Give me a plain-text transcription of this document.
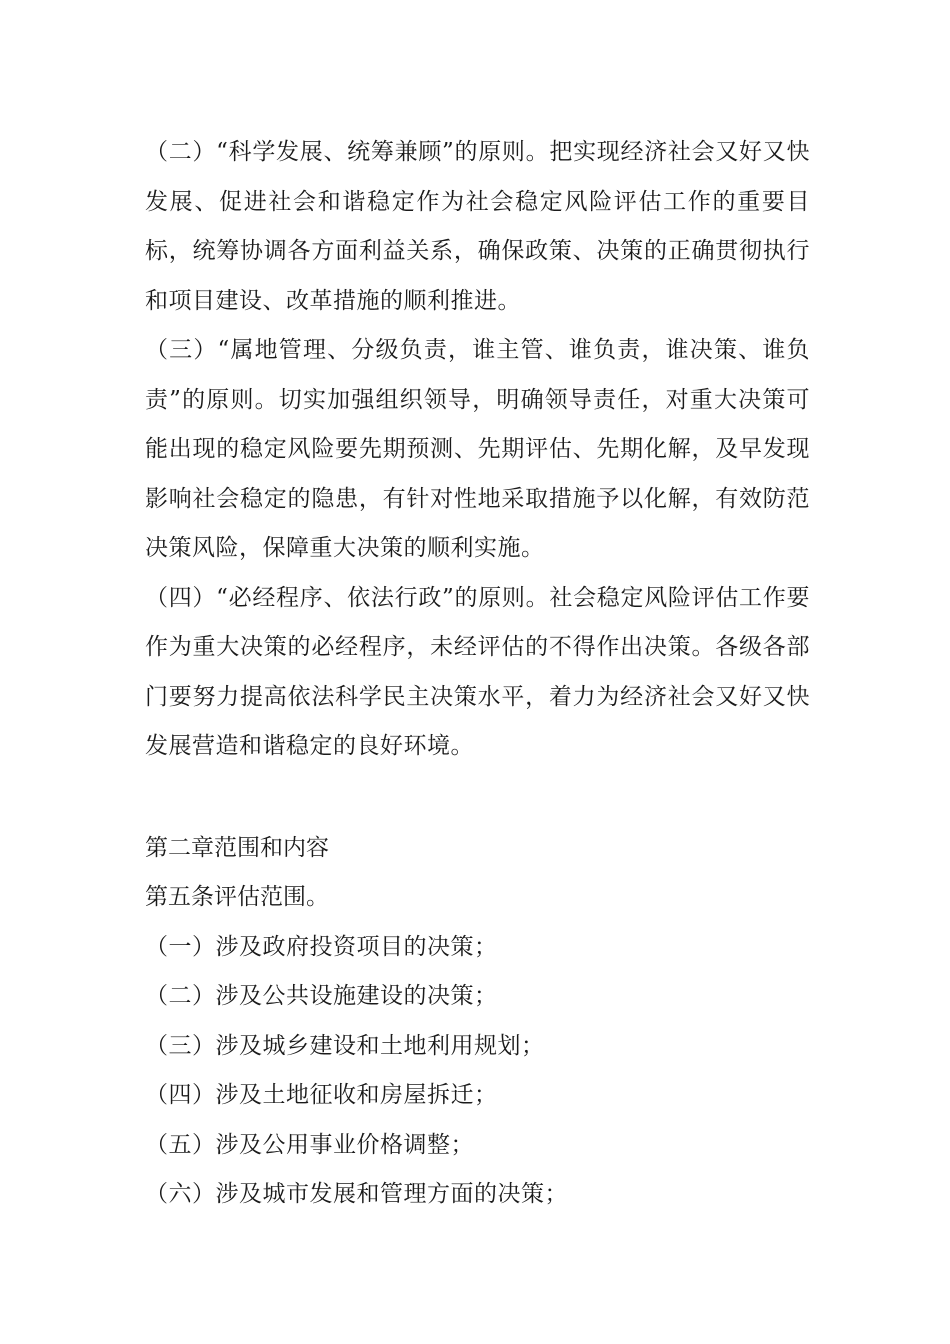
（二）“科学发展、统筹兼顾”的原则。把实现经济社会又好又快发展、促进社会和谐稳定作为社会稳定风险评估工作的重要目标，统筹协调各方面利益关系，确保政策、决策的正确贯彻执行和项目建设、改革措施的顺利推进。

（三）“属地管理、分级负责，谁主管、谁负责，谁决策、谁负责”的原则。切实加强组织领导，明确领导责任，对重大决策可能出现的稳定风险要先期预测、先期评估、先期化解，及早发现影响社会稳定的隐患，有针对性地采取措施予以化解，有效防范决策风险，保障重大决策的顺利实施。

（四）“必经程序、依法行政”的原则。社会稳定风险评估工作要作为重大决策的必经程序，未经评估的不得作出决策。各级各部门要努力提高依法科学民主决策水平，着力为经济社会又好又快发展营造和谐稳定的良好环境。

第二章范围和内容

第五条评估范围。

（一）涉及政府投资项目的决策；
（二）涉及公共设施建设的决策；
（三）涉及城乡建设和土地利用规划；
（四）涉及土地征收和房屋拆迁；
（五）涉及公用事业价格调整；
（六）涉及城市发展和管理方面的决策；
